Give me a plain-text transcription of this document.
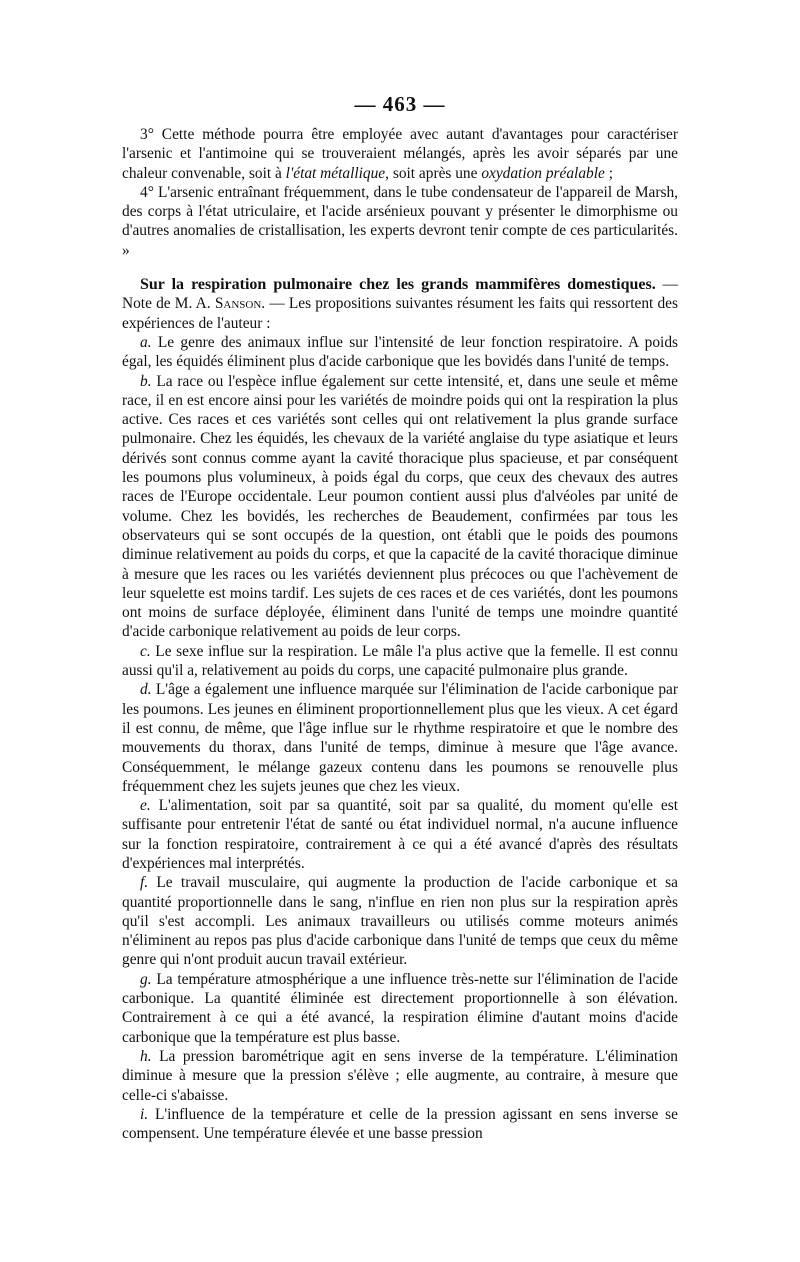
— 463 —

3° Cette méthode pourra être employée avec autant d'avantages pour caractériser l'arsenic et l'antimoine qui se trouveraient mélangés, après les avoir séparés par une chaleur convenable, soit à l'état métallique, soit après une oxydation préalable ;

4° L'arsenic entraînant fréquemment, dans le tube condensateur de l'appareil de Marsh, des corps à l'état utriculaire, et l'acide arsénieux pouvant y présenter le dimorphisme ou d'autres anomalies de cristallisation, les experts devront tenir compte de ces particularités. »

Sur la respiration pulmonaire chez les grands mammifères domestiques. — Note de M. A. Sanson. — Les propositions suivantes résument les faits qui ressortent des expériences de l'auteur :

a. Le genre des animaux influe sur l'intensité de leur fonction respiratoire. A poids égal, les équidés éliminent plus d'acide carbonique que les bovidés dans l'unité de temps.

b. La race ou l'espèce influe également sur cette intensité, et, dans une seule et même race, il en est encore ainsi pour les variétés de moindre poids qui ont la respiration la plus active. Ces races et ces variétés sont celles qui ont relativement la plus grande surface pulmonaire. Chez les équidés, les chevaux de la variété anglaise du type asiatique et leurs dérivés sont connus comme ayant la cavité thoracique plus spacieuse, et par conséquent les poumons plus volumineux, à poids égal du corps, que ceux des chevaux des autres races de l'Europe occidentale. Leur poumon contient aussi plus d'alvéoles par unité de volume. Chez les bovidés, les recherches de Beaudement, confirmées par tous les observateurs qui se sont occupés de la question, ont établi que le poids des poumons diminue relativement au poids du corps, et que la capacité de la cavité thoracique diminue à mesure que les races ou les variétés deviennent plus précoces ou que l'achèvement de leur squelette est moins tardif. Les sujets de ces races et de ces variétés, dont les poumons ont moins de surface déployée, éliminent dans l'unité de temps une moindre quantité d'acide carbonique relativement au poids de leur corps.

c. Le sexe influe sur la respiration. Le mâle l'a plus active que la femelle. Il est connu aussi qu'il a, relativement au poids du corps, une capacité pulmonaire plus grande.

d. L'âge a également une influence marquée sur l'élimination de l'acide carbonique par les poumons. Les jeunes en éliminent proportionnellement plus que les vieux. A cet égard il est connu, de même, que l'âge influe sur le rhythme respiratoire et que le nombre des mouvements du thorax, dans l'unité de temps, diminue à mesure que l'âge avance. Conséquemment, le mélange gazeux contenu dans les poumons se renouvelle plus fréquemment chez les sujets jeunes que chez les vieux.

e. L'alimentation, soit par sa quantité, soit par sa qualité, du moment qu'elle est suffisante pour entretenir l'état de santé ou état individuel normal, n'a aucune influence sur la fonction respiratoire, contrairement à ce qui a été avancé d'après des résultats d'expériences mal interprétés.

f. Le travail musculaire, qui augmente la production de l'acide carbonique et sa quantité proportionnelle dans le sang, n'influe en rien non plus sur la respiration après qu'il s'est accompli. Les animaux travailleurs ou utilisés comme moteurs animés n'éliminent au repos pas plus d'acide carbonique dans l'unité de temps que ceux du même genre qui n'ont produit aucun travail extérieur.

g. La température atmosphérique a une influence très-nette sur l'élimination de l'acide carbonique. La quantité éliminée est directement proportionnelle à son élévation. Contrairement à ce qui a été avancé, la respiration élimine d'autant moins d'acide carbonique que la température est plus basse.

h. La pression barométrique agit en sens inverse de la température. L'élimination diminue à mesure que la pression s'élève ; elle augmente, au contraire, à mesure que celle-ci s'abaisse.

i. L'influence de la température et celle de la pression agissant en sens inverse se compensent. Une température élevée et une basse pression
